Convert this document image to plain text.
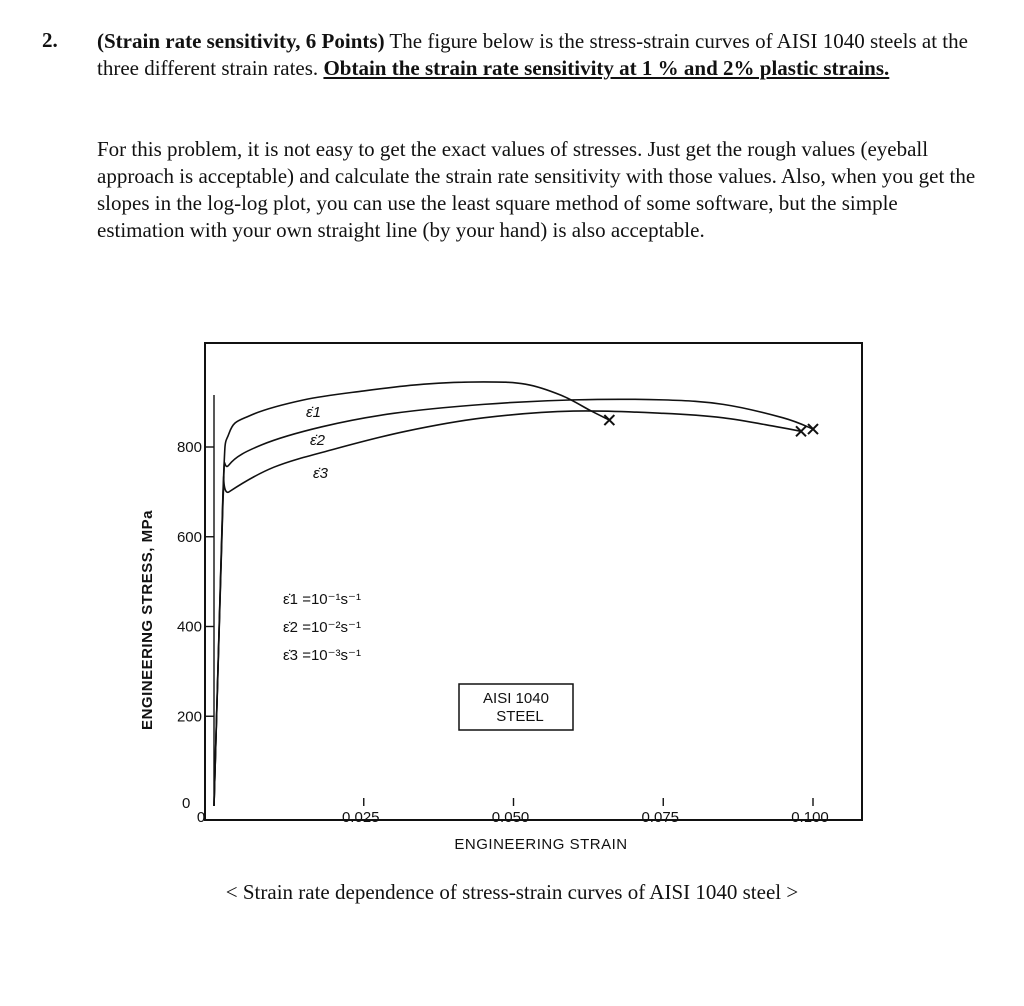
2. (Strain rate sensitivity, 6 Points) The figure below is the stress-strain curves of AISI 1040 steels at the three different strain rates. Obtain the strain rate sensitivity at 1 % and 2% plastic strains.
For this problem, it is not easy to get the exact values of stresses. Just get the rough values (eyeball approach is acceptable) and calculate the strain rate sensitivity with those values. Also, when you get the slopes in the log-log plot, you can use the least square method of some software, but the simple estimation with your own straight line (by your hand) is also acceptable.
200
400
600
800
0	0.025	0.050	0.075	0.100
0
ε̇1
ε̇2
ε̇3
ε̇1 =10⁻¹s⁻¹
ε̇2 =10⁻²s⁻¹
ε̇3 =10⁻³s⁻¹
AISI 1040
STEEL
ENGINEERING STRAIN
ENGINEERING STRESS, MPa
< Strain rate dependence of stress-strain curves of AISI 1040 steel >
